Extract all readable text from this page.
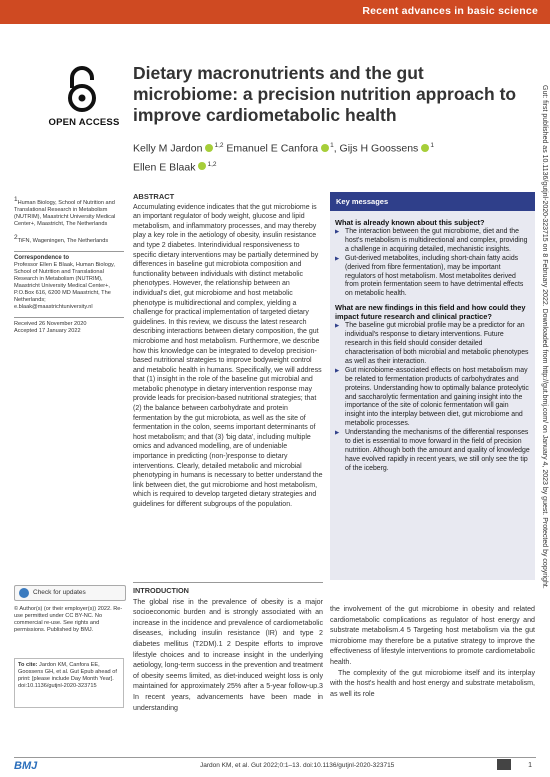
Recent advances in basic science
OPEN ACCESS
Dietary macronutrients and the gut microbiome: a precision nutrition approach to improve cardiometabolic health
Kelly M Jardon $^{1,2}$ Emanuel E Canfora $^1$, Gijs H Goossens $^1$
Ellen E Blaak $^{1,2}$	Gut: first published as 10.1136/gutjnl-2020-323715 on 8 February 2022. Downloaded from http://gut.bmj.com/ on January 4, 2023 by guest. Protected by copyright.

$^1$Human Biology, School of Nutrition and Translational Research in Metabolism (NUTRIM), Maastricht University Medical Center+, Maastricht, The Netherlands

$^2$TiFN, Wageningen, The Netherlands

Correspondence to

Professor Ellen E Blaak, Human Biology, School of Nutrition and Translational Research in Metabolism (NUTRIM), Maastricht University Medical Center+, P.O.Box 616, 6200 MD Maastricht, The Netherlands; e.blaak@maastrichtuniversity.nl

Received 26 November 2020
Accepted 17 January 2022
ABSTRACT
Accumulating evidence indicates that the gut microbiome is an important regulator of body weight, glucose and lipid metabolism, and inflammatory processes, and may thereby play a key role in the aetiology of obesity, insulin resistance and type 2 diabetes. Interindividual responsiveness to specific dietary interventions may be partially determined by differences in baseline gut microbiota composition and functionality between individuals with distinct metabolic phenotypes. However, the relationship between an individual's diet, gut microbiome and host metabolic phenotype is multidirectional and complex, yielding a challenge for practical implementation of targeted dietary guidelines. In this review, we discuss the latest research describing interactions between dietary composition, the gut microbiome and host metabolism. Furthermore, we describe how this knowledge can be integrated to develop precision-based nutritional strategies to improve bodyweight control and metabolic health in humans. Specifically, we will address that (1) insight in the role of the baseline gut microbial and metabolic phenotype in dietary intervention response may provide leads for precision-based nutritional strategies; that (2) the balance between carbohydrate and protein fermentation by the gut microbiota, as well as the site of fermentation in the colon, seems important determinants of host metabolism; and that (3) 'big data', including multiple omics and advanced modelling, are of undeniable importance in predicting (non-)response to dietary interventions. Clearly, detailed metabolic and microbial phenotyping in humans is necessary to better understand the link between diet, the gut microbiome and host metabolism, which is required to develop targeted dietary strategies and guidelines for different subgroups of the population.
Key messages
What is already known about this subject?
▶ The interaction between the gut microbiome, diet and the host's metabolism is multidirectional and complex, providing a challenge in acquiring detailed, mechanistic insights.
▶ Gut-derived metabolites, including short-chain fatty acids (derived from fibre fermentation), may be important regulators of host metabolism. Most metabolites derived from protein fermentation seem to have detrimental effects on metabolic health.
What are new findings in this field and how could they impact future research and clinical practice?
▶ The baseline gut microbial profile may be a predictor for an individual's response to dietary interventions. Future research in this field should consider detailed characterisation of both microbial and metabolic phenotypes as well as their interaction.
▶ Gut microbiome-associated effects on host metabolism may be related to fermentation products of carbohydrates and proteins. Understanding how to optimally balance proteolytic and saccharolytic fermentation and gaining insight into the importance of the site of colonic fermentation will gain insight into the interplay between diet, gut microbiome and metabolic processes.
▶ Understanding the mechanisms of the differential responses to diet is essential to move forward in the field of precision nutrition. Although both the amount and quality of knowledge have evolved rapidly in recent years, we still only see the tip of the iceberg.
Check for updates
© Author(s) (or their employer(s)) 2022. Re-use permitted under CC BY-NC. No commercial re-use. See rights and permissions. Published by BMJ.
To cite: Jardon KM, Canfora EE, Goossens GH, et al. Gut Epub ahead of print: [please include Day Month Year]. doi:10.1136/gutjnl-2020-323715
INTRODUCTION
The global rise in the prevalence of obesity is a major socioeconomic burden and is strongly associated with an increase in the incidence and prevalence of cardiometabolic diseases, including insulin resistance (IR) and type 2 diabetes mellitus (T2DM).1 2 Despite efforts to improve lifestyle choices and to increase insight in the underlying aetiology, long-term success in the prevention and treatment of obesity seems limited, as diet-induced weight loss is only maintained for approximately 25% after a 5-year follow-up.3 In recent years, advancements have been made in understanding

the involvement of the gut microbiome in obesity and related cardiometabolic complications as regulator of host energy and substrate metabolism.4 5 Targeting host metabolism via the gut microbiome may therefore be a putative strategy to improve the effectiveness of lifestyle interventions to promote cardiometabolic health.

The complexity of the gut microbiome itself and its interplay with the host's health and host energy and substrate metabolism, as well its role

BMJ	Jardon KM, et al. Gut 2022;0:1–13. doi:10.1136/gutjnl-2020-323715	1
